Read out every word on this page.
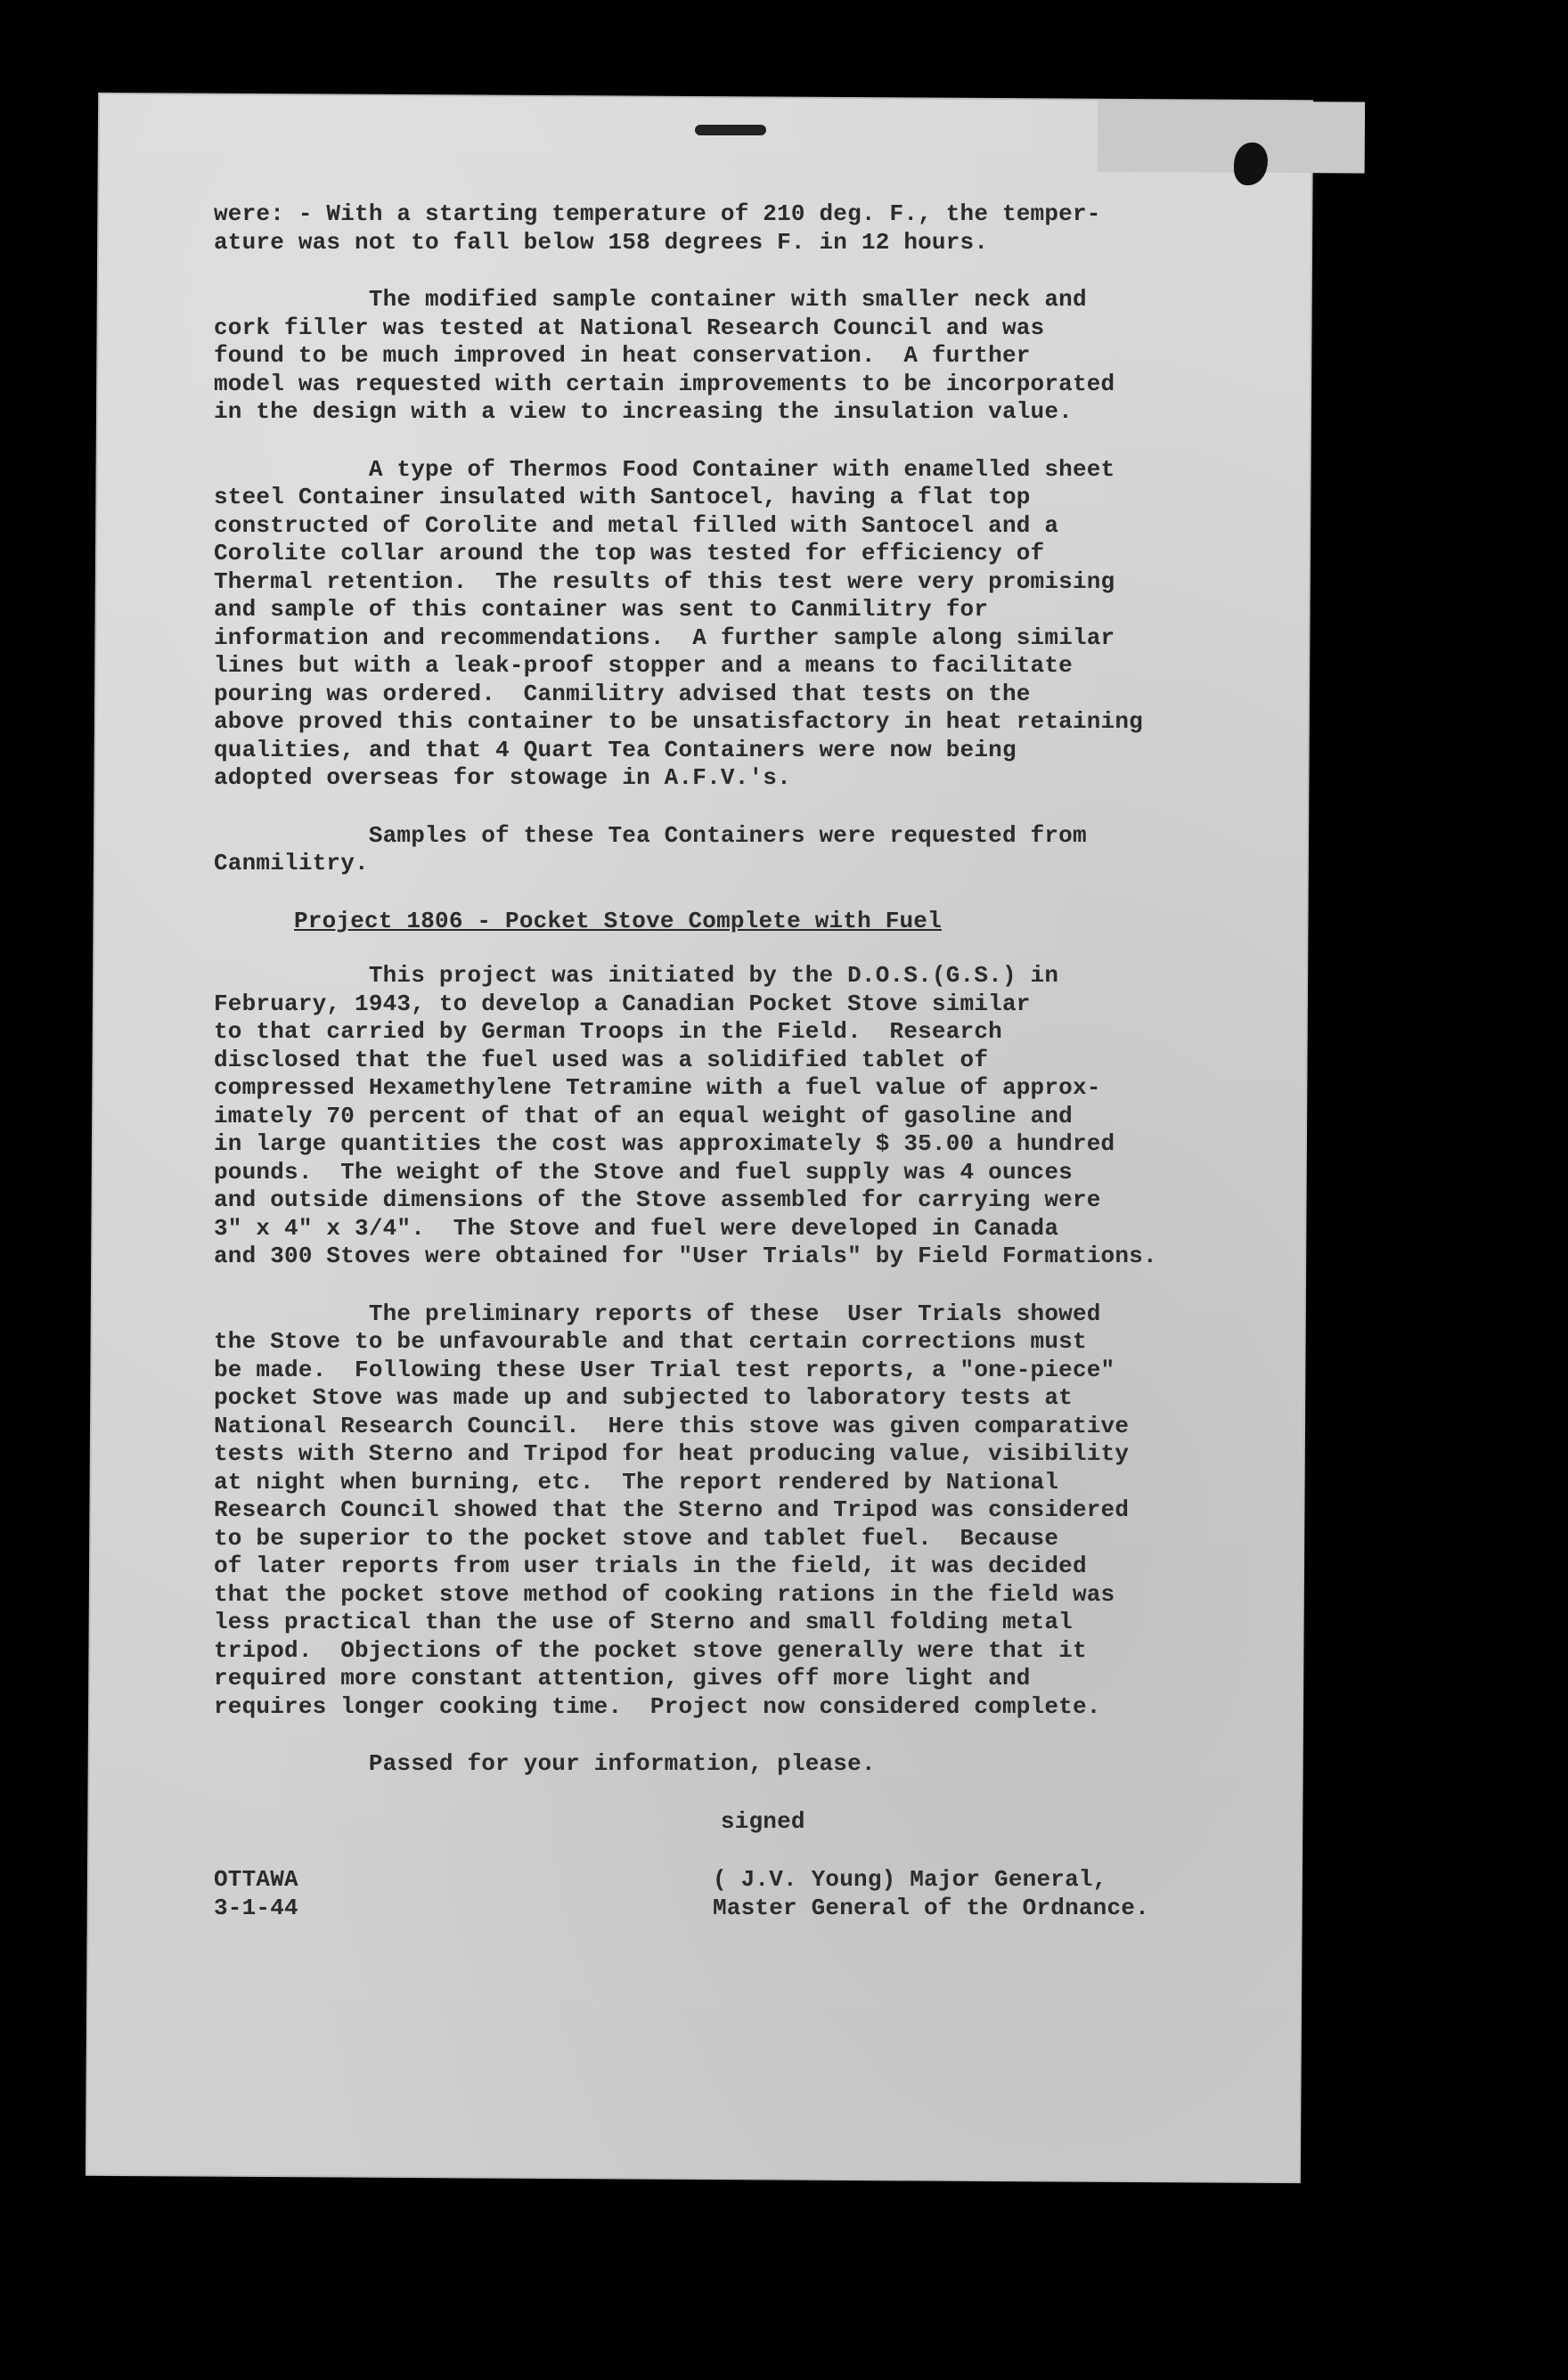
were: - With a starting temperature of 210 deg. F., the temper-
ature was not to fall below 158 degrees F. in 12 hours.
The modified sample container with smaller neck and
cork filler was tested at National Research Council and was
found to be much improved in heat conservation.  A further
model was requested with certain improvements to be incorporated
in the design with a view to increasing the insulation value.
A type of Thermos Food Container with enamelled sheet
steel Container insulated with Santocel, having a flat top
constructed of Corolite and metal filled with Santocel and a
Corolite collar around the top was tested for efficiency of
Thermal retention.  The results of this test were very promising
and sample of this container was sent to Canmilitry for
information and recommendations.  A further sample along similar
lines but with a leak-proof stopper and a means to facilitate
pouring was ordered.  Canmilitry advised that tests on the
above proved this container to be unsatisfactory in heat retaining
qualities, and that 4 Quart Tea Containers were now being
adopted overseas for stowage in A.F.V.'s.
Samples of these Tea Containers were requested from
Canmilitry.
Project 1806 - Pocket Stove Complete with Fuel
This project was initiated by the D.O.S.(G.S.) in
February, 1943, to develop a Canadian Pocket Stove similar
to that carried by German Troops in the Field.  Research
disclosed that the fuel used was a solidified tablet of
compressed Hexamethylene Tetramine with a fuel value of approx-
imately 70 percent of that of an equal weight of gasoline and
in large quantities the cost was approximately $ 35.00 a hundred
pounds.  The weight of the Stove and fuel supply was 4 ounces
and outside dimensions of the Stove assembled for carrying were
3" x 4" x 3/4".  The Stove and fuel were developed in Canada
and 300 Stoves were obtained for "User Trials" by Field Formations.
The preliminary reports of these  User Trials showed
the Stove to be unfavourable and that certain corrections must
be made.  Following these User Trial test reports, a "one-piece"
pocket Stove was made up and subjected to laboratory tests at
National Research Council.  Here this stove was given comparative
tests with Sterno and Tripod for heat producing value, visibility
at night when burning, etc.  The report rendered by National
Research Council showed that the Sterno and Tripod was considered
to be superior to the pocket stove and tablet fuel.  Because
of later reports from user trials in the field, it was decided
that the pocket stove method of cooking rations in the field was
less practical than the use of Sterno and small folding metal
tripod.  Objections of the pocket stove generally were that it
required more constant attention, gives off more light and
requires longer cooking time.  Project now considered complete.
Passed for your information, please.
signed
OTTAWA
3-1-44
( J.V. Young) Major General,
Master General of the Ordnance.
